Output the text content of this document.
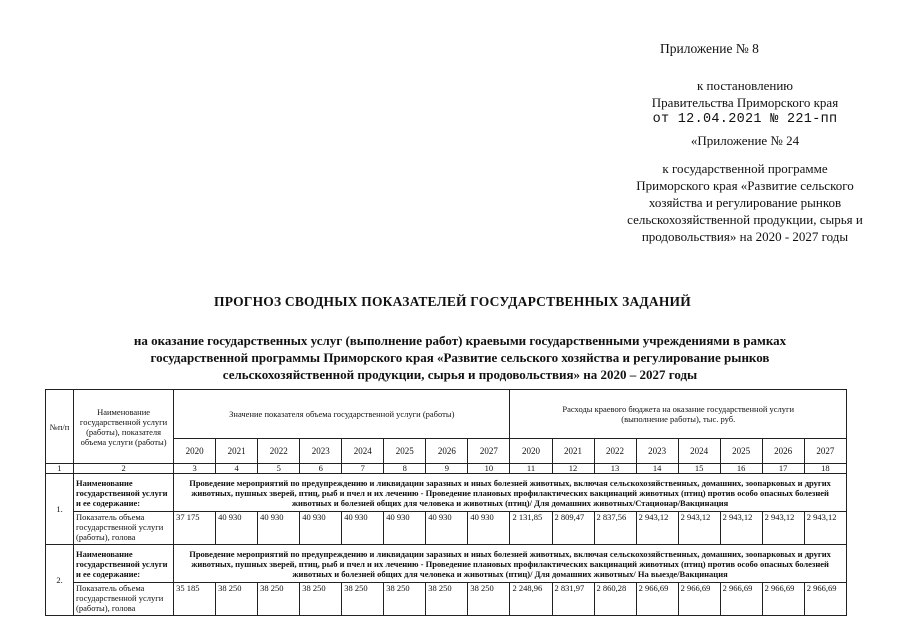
Приложение № 8
к постановлению
Правительства Приморского края
от 12.04.2021 № 221-пп
«Приложение № 24
к государственной программе
Приморского края «Развитие сельского
хозяйства и регулирование рынков
сельскохозяйственной продукции, сырья и
продовольствия» на 2020 - 2027 годы
ПРОГНОЗ СВОДНЫХ ПОКАЗАТЕЛЕЙ ГОСУДАРСТВЕННЫХ ЗАДАНИЙ
на оказание государственных услуг (выполнение работ) краевыми государственными учреждениями в рамках
государственной программы Приморского края «Развитие сельского хозяйства и регулирование рынков
сельскохозяйственной продукции, сырья и продовольствия» на 2020 – 2027 годы
№п/п	Наименование государственной услуги (работы), показателя объема услуги (работы)	Значение показателя объема государственной услуги (работы)								Расходы краевого бюджета на оказание государственной услуги (выполнение работы), тыс. руб.							
		2020	2021	2022	2023	2024	2025	2026	2027	2020	2021	2022	2023	2024	2025	2026	2027
1	2	3	4	5	6	7	8	9	10	11	12	13	14	15	16	17	18
1.	Наименование государственной услуги и ее содержание:	Проведение мероприятий по предупреждению и ликвидации заразных и иных болезней животных, включая сельскохозяйственных, домашних, зоопарковых и других животных, пушных зверей, птиц, рыб и пчел и их лечению - Проведение плановых профилактических вакцинаций животных (птиц) против особо опасных болезней животных и болезней общих для человека и животных (птиц)/ Для домашних животных/Стационар/Вакцинация															
	Показатель объема государственной услуги (работы), голова	37 175	40 930	40 930	40 930	40 930	40 930	40 930	40 930	2 131,85	2 809,47	2 837,56	2 943,12	2 943,12	2 943,12	2 943,12	2 943,12
2.	Наименование государственной услуги и ее содержание:	Проведение мероприятий по предупреждению и ликвидации заразных и иных болезней животных, включая сельскохозяйственных, домашних, зоопарковых и других животных, пушных зверей, птиц, рыб и пчел и их лечению - Проведение плановых профилактических вакцинаций животных (птиц) против особо опасных болезней животных и болезней общих для человека и животных (птиц)/ Для домашних животных/ На выезде/Вакцинация															
	Показатель объема государственной услуги (работы), голова	35 185	38 250	38 250	38 250	38 250	38 250	38 250	38 250	2 248,96	2 831,97	2 860,28	2 966,69	2 966,69	2 966,69	2 966,69	2 966,69
